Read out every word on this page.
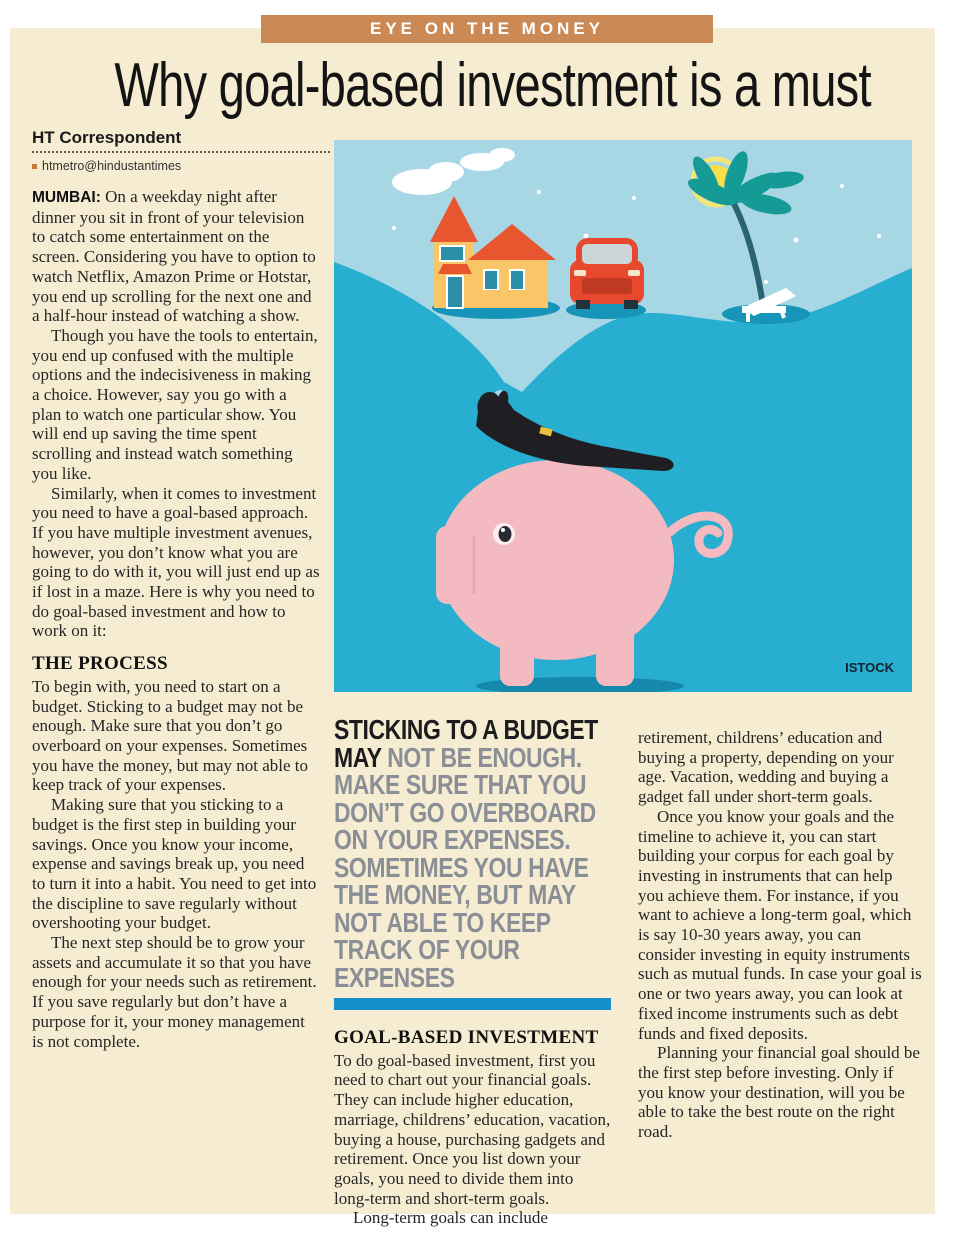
EYE ON THE MONEY
Why goal-based investment is a must
HT Correspondent
htmetro@hindustantimes

MUMBAI: On a weekday night after dinner you sit in front of your television to catch some entertainment on the screen. Considering you have to option to watch Netflix, Amazon Prime or Hotstar, you end up scrolling for the next one and a half-hour instead of watching a show.

Though you have the tools to entertain, you end up confused with the multiple options and the indecisiveness in making a choice. However, say you go with a plan to watch one particular show. You will end up saving the time spent scrolling and instead watch something you like.

Similarly, when it comes to investment you need to have a goal-based approach. If you have multiple investment avenues, however, you don’t know what you are going to do with it, you will just end up as if lost in a maze. Here is why you need to do goal-based investment and how to work on it:

THE PROCESS

To begin with, you need to start on a budget. Sticking to a budget may not be enough. Make sure that you don’t go overboard on your expenses. Sometimes you have the money, but may not able to keep track of your expenses.

Making sure that you sticking to a budget is the first step in building your savings. Once you know your income, expense and savings break up, you need to turn it into a habit. You need to get into the discipline to save regularly without overshooting your budget.

The next step should be to grow your assets and accumulate it so that you have enough for your needs such as retirement. If you save regularly but don’t have a purpose for it, your money management is not complete.

ISTOCK
STICKING TO A BUDGET MAY NOT BE ENOUGH. MAKE SURE THAT YOU DON’T GO OVERBOARD ON YOUR EXPENSES. SOMETIMES YOU HAVE THE MONEY, BUT MAY NOT ABLE TO KEEP TRACK OF YOUR EXPENSES
GOAL-BASED INVESTMENT

To do goal-based investment, first you need to chart out your financial goals. They can include higher education, marriage, childrens’ education, vacation, buying a house, purchasing gadgets and retirement. Once you list down your goals, you need to divide them into long-term and short-term goals.

Long-term goals can include

retirement, childrens’ education and buying a property, depending on your age. Vacation, wedding and buying a gadget fall under short-term goals.

Once you know your goals and the timeline to achieve it, you can start building your corpus for each goal by investing in instruments that can help you achieve them. For instance, if you want to achieve a long-term goal, which is say 10-30 years away, you can consider investing in equity instruments such as mutual funds. In case your goal is one or two years away, you can look at fixed income instruments such as debt funds and fixed deposits.

Planning your financial goal should be the first step before investing. Only if you know your destination, will you be able to take the best route on the right road.
